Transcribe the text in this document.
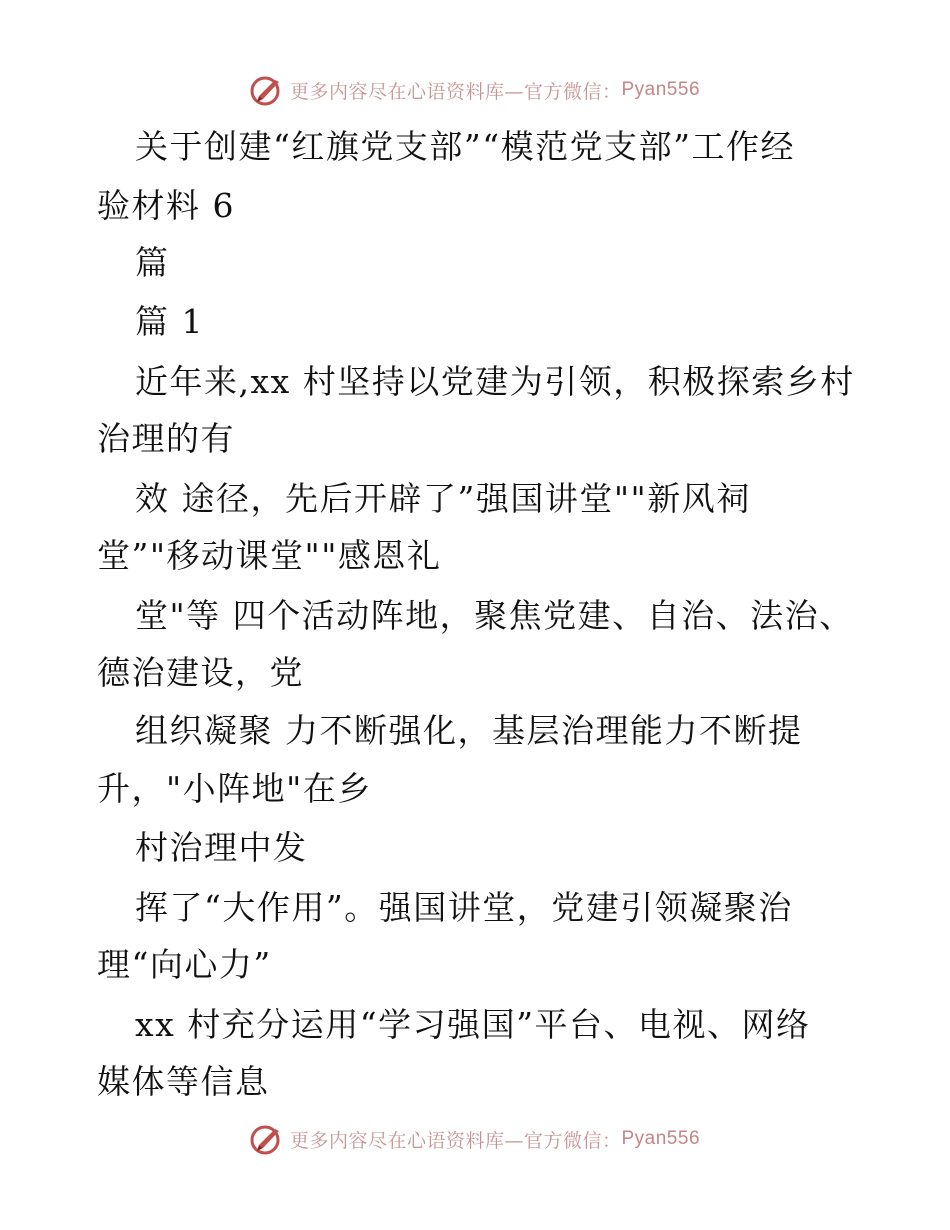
更多内容尽在心语资料库—官方微信： Pyan556
关于创建“红旗党支部”“模范党支部”工作经
验材料 6
篇
篇 1
近年来,xx 村坚持以党建为引领，积极探索乡村
治理的有
效 途径，先后开辟了”强国讲堂""新风祠
堂”"移动课堂""感恩礼
堂"等 四个活动阵地，聚焦党建、自治、法治、
德治建设，党
组织凝聚 力不断强化，基层治理能力不断提
升，"小阵地"在乡
村治理中发
挥了“大作用”。强国讲堂，党建引领凝聚治
理“向心力”
xx 村充分运用“学习强国”平台、电视、网络
媒体等信息
更多内容尽在心语资料库—官方微信： Pyan556
